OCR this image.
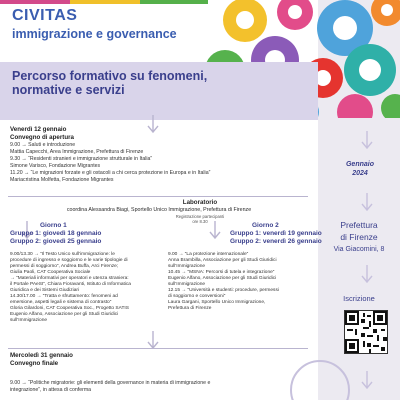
CIVITAS
immigrazione e governance
Percorso formativo su fenomeni, normative e servizi
Venerdì 12 gennaio
Convegno di apertura
9.00 → Saluti e introduzione
Mattia Capecchi, Area Immigrazione, Prefettura di Firenze
9.30 → “Residenti stranieri e immigrazione strutturale in Italia”
Simone Varisco, Fondazione Migrantes
11.20 → “Le migrazioni forzate e gli ostacoli a chi cerca protezione in Europa e in Italia”
Mariacristina Molfetta, Fondazione Migrantes
Laboratorio
coordina Alessandra Biagi, Sportello Unico Immigrazione, Prefettura di Firenze
Registrazione partecipanti
ore 8.30
Giorno 1
Gruppo 1: giovedì 18 gennaio
Gruppo 2: giovedì 25 gennaio
9.00/13.30 → “Il Testo Unico sull’immigrazione: le
procedure di ingresso e soggiorno e le varie tipologie di
permessi di soggiorno”, Andrea Buffa, Arci Firenze;
Giulia Paoli, CAT Cooperativa Sociale
→ “Materiali informativi per operatori e utenza straniera:
il Portale PAeSI”, Chiara Fioravanti, Istituto di Informatica
Giuridica e dei Sistemi Giudiziari
14.30/17.00 → “Tratta e sfruttamento: fenomeni ad
emersione, aspetti legali e sistema di contrasto”
Gloria Gilardoni, CAT Cooperativa Soc., Progetto SATIS
Eugenio Alfano, Associazione per gli Studi Giuridici
sull’Immigrazione
Giorno 2
Gruppo 1: venerdì 19 gennaio
Gruppo 2: venerdì 26 gennaio
9.00 → “La protezione internazionale”
Anna Brambilla, Associazione per gli Studi Giuridici
sull’Immigrazione
10.45 → “MSNA: Percorsi di tutela e integrazione”
Eugenio Alfano, Associazione per gli Studi Giuridici
sull’Immigrazione
12.15 → “Università e studenti: procedure, permessi
di soggiorno e conversioni”
Laura Gargani, Sportello Unico Immigrazione,
Prefettura di Firenze
Mercoledì 31 gennaio
Convegno finale
9.00 → “Politiche migratorie: gli elementi della governance in materia di immigrazione e
integrazione”, in attesa di conferma
Gennaio
2024
Prefettura
di Firenze
Via Giacomini, 8
Iscrizione
